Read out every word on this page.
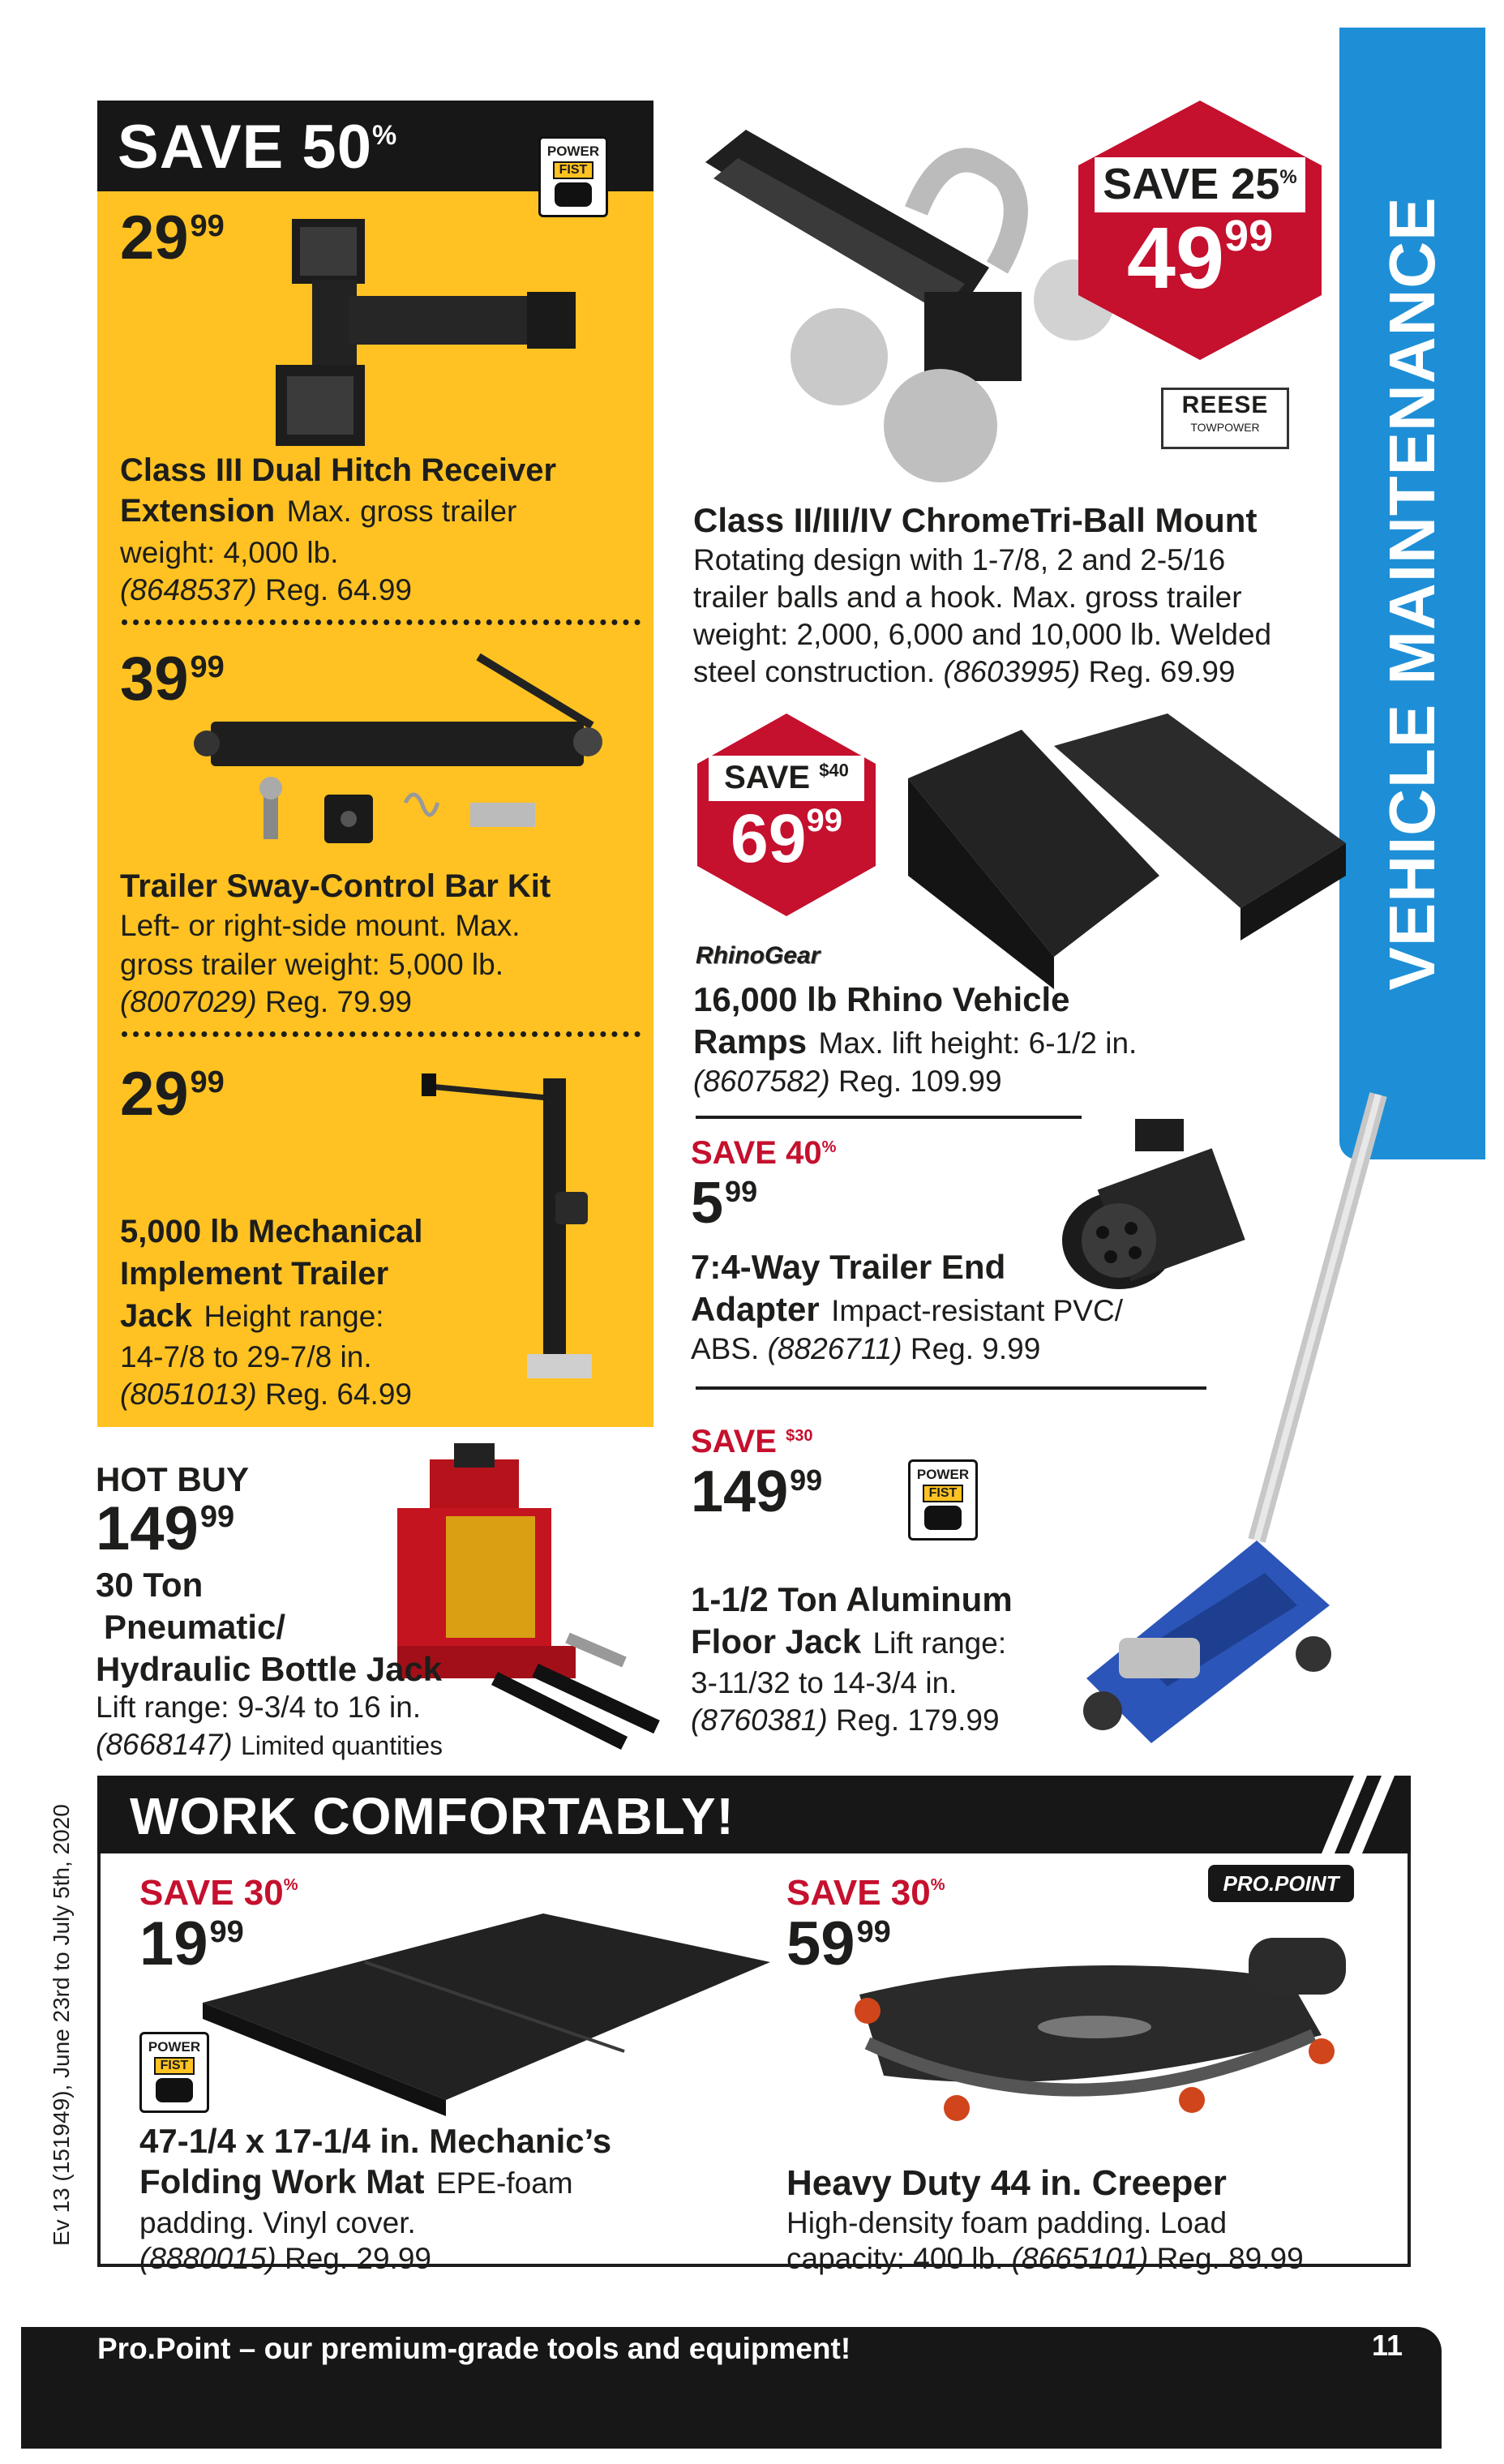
VEHICLE MAINTENANCE
SAVE 50%
POWER
FIST
$29^{99}$
Class III Dual Hitch Receiver
Extension Max. gross trailer
weight: 4,000 lb.
(8648537) Reg. 64.99
$39^{99}$
Trailer Sway-Control Bar Kit
Left- or right-side mount. Max.
gross trailer weight: 5,000 lb.
(8007029) Reg. 79.99
$29^{99}$
5,000 lb Mechanical
Implement Trailer
Jack Height range:
14-7/8 to 29-7/8 in.
(8051013) Reg. 64.99
SAVE 25%
$49^{99}$
REESE
TOWPOWER
Class II/III/IV ChromeTri-Ball Mount
Rotating design with 1-7/8, 2 and 2-5/16
trailer balls and a hook. Max. gross trailer
weight: 2,000, 6,000 and 10,000 lb. Welded
steel construction. (8603995) Reg. 69.99
SAVE $^{\$40}$
$69^{99}$
RhinoGear
16,000 lb Rhino Vehicle
Ramps Max. lift height: 6-1/2 in.
(8607582) Reg. 109.99
SAVE 40%
$5^{99}$
7:4-Way Trailer End
Adapter Impact-resistant PVC/
ABS. (8826711) Reg. 9.99
SAVE $^{\$30}$
$149^{99}$	POWER
FIST
1-1/2 Ton Aluminum
Floor Jack Lift range:
3-11/32 to 14-3/4 in.
(8760381) Reg. 179.99
HOT BUY
$149^{99}$
30 Ton
Pneumatic/
Hydraulic Bottle Jack
Lift range: 9-3/4 to 16 in.
(8668147) Limited quantities
WORK COMFORTABLY!
SAVE 30%
$19^{99}$
POWER
FIST
47-1/4 x 17-1/4 in. Mechanic’s
Folding Work Mat EPE-foam
padding. Vinyl cover.
(8880015) Reg. 29.99
SAVE 30%
$59^{99}$
PRO.POINT
Heavy Duty 44 in. Creeper
High-density foam padding. Load
capacity: 400 lb. (8665101) Reg. 89.99
Ev 13 (151949), June 23rd to July 5th, 2020
Pro.Point – our premium-grade tools and equipment!	11
